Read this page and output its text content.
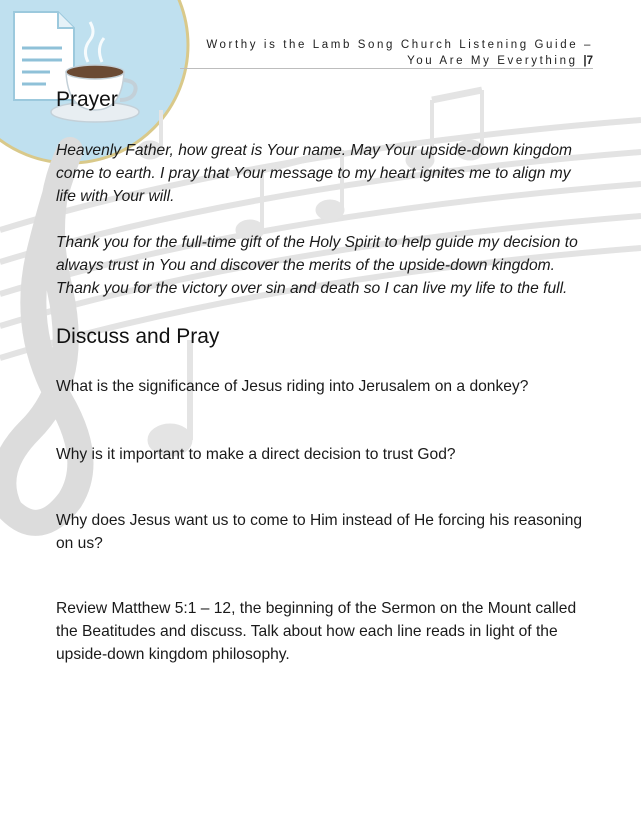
Worthy is the Lamb Song Church Listening Guide –
You Are My Everything |7
Prayer

Heavenly Father, how great is Your name. May Your upside-down kingdom come to earth. I pray that Your message to my heart ignites me to align my life with Your will.

Thank you for the full-time gift of the Holy Spirit to help guide my decision to always trust in You and discover the merits of the upside-down kingdom. Thank you for the victory over sin and death so I can live my life to the full.

Discuss and Pray

What is the significance of Jesus riding into Jerusalem on a donkey?

Why is it important to make a direct decision to trust God?

Why does Jesus want us to come to Him instead of He forcing his reasoning on us?

Review Matthew 5:1 – 12, the beginning of the Sermon on the Mount called the Beatitudes and discuss. Talk about how each line reads in light of the upside-down kingdom philosophy.
